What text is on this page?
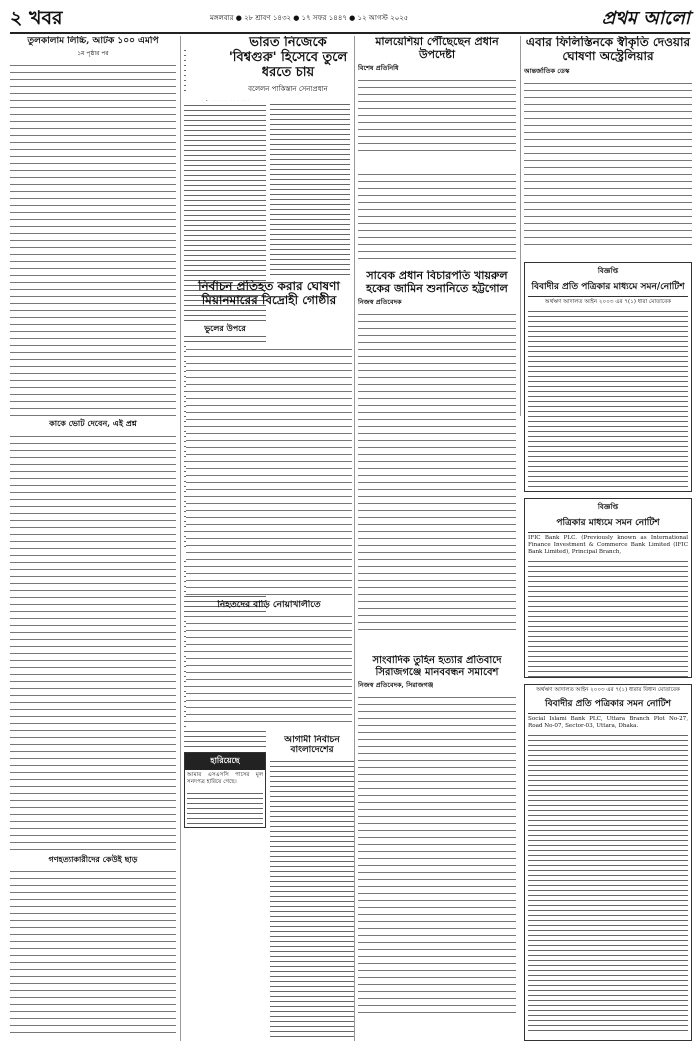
২ খবর	মঙ্গলবার ● ২৮ শ্রাবণ ১৪৩২ ● ১৭ সফর ১৪৪৭ ● ১২ আগস্ট ২০২৫	প্রথম আলো
তুলকালাম লিচ্চি, আটক ১০০ এমপি
১ম পৃষ্ঠার পর
কাকে ভোট দেবেন, এই প্রশ্ন
গণহত্যাকারীদের কেউই ছাড়
ভুলের উপরে
হারিয়েছে
আমার এসএসসি পাসের মূল সনদপত্র হারিয়ে গেছে।
ভারত নিজেকে 'বিশ্বগুরু' হিসেবে তুলে ধরতে চায়
বলেলন পাকিস্তান সেনাপ্রধান
নির্বাচন প্রতিহত করার ঘোষণা মিয়ানমারের বিদ্রোহী গোষ্ঠীর
মালয়েশিয়া পৌঁছেছেন প্রধান উপদেষ্টা
বিশেষ প্রতিনিধি
এবার ফিলিস্তিনকে স্বীকৃতি দেওয়ার ঘোষণা অস্ট্রেলিয়ার
আন্তর্জাতিক ডেস্ক
সাবেক প্রধান বিচারপতি খায়রুল হকের জামিন শুনানিতে হট্টগোল
নিজস্ব প্রতিবেদক
সাংবাদিক তুহিন হত্যার প্রতিবাদে সিরাজগঞ্জে মানববন্ধন সমাবেশ
নিজস্ব প্রতিবেদক, সিরাজগঞ্জ
নিহতদের বাড়ি নোয়াখালীতে
আগামী নির্বাচন বাংলাদেশের
বিজ্ঞপ্তি
বিবাদীর প্রতি পত্রিকার মাধ্যমে সমন/নোটিশ
অর্থঋণ আদালত আইন ২০০৩ এর ৭(১) ধারা মোতাবেক
বিজ্ঞপ্তি
পত্রিকার মাধ্যমে সমন নোটিশ
IFIC Bank PLC. (Previously known as International Finance Investment & Commerce Bank Limited (IFIC Bank Limited), Principal Branch,
অর্থঋণ আদালত আইন ২০০৩ এর ৭(১) ধারার বিধান মোতাবেক
বিবাদীর প্রতি পত্রিকার সমন নোটিশ
Social Islami Bank PLC, Uttara Branch Plot No-27, Road No-07, Sector-03, Uttara, Dhaka.
